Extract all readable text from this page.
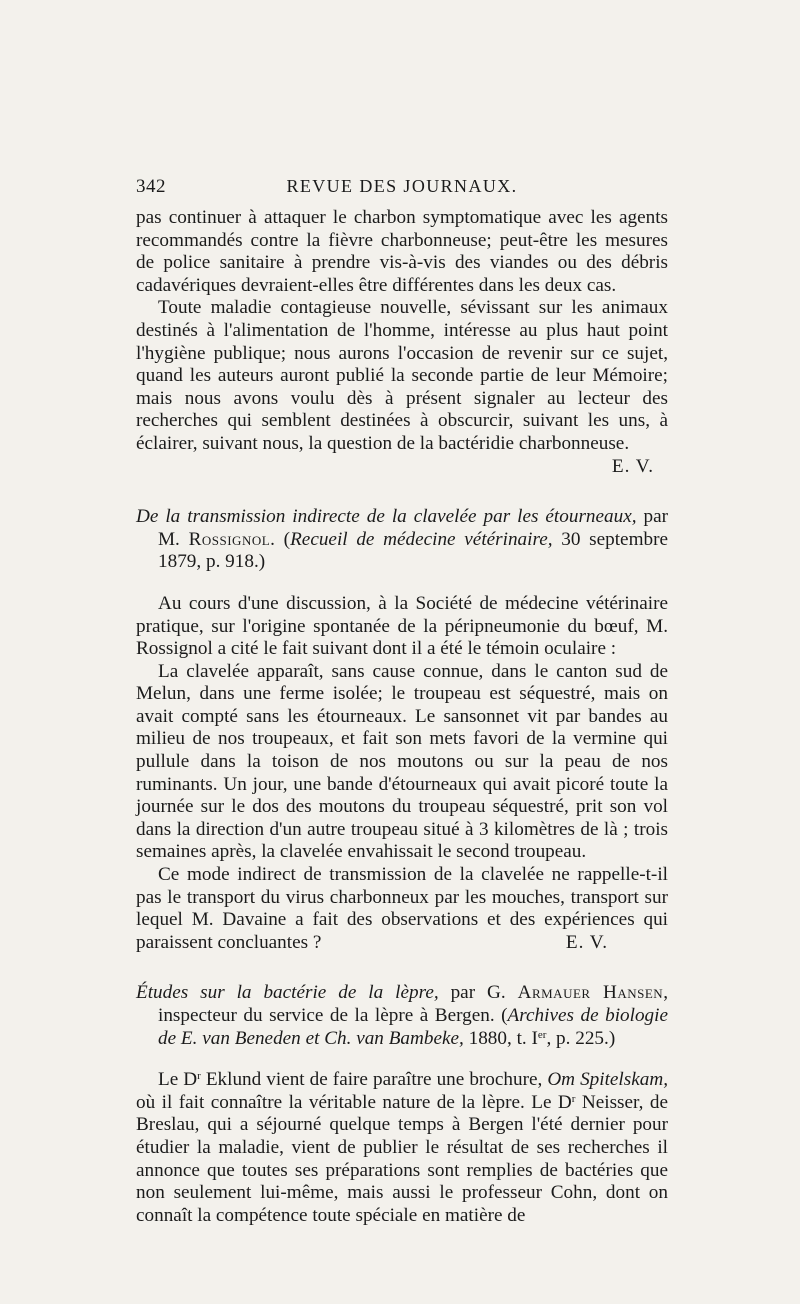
342	REVUE DES JOURNAUX.

pas continuer à attaquer le charbon symptomatique avec les agents recommandés contre la fièvre charbonneuse; peut-être les mesures de police sanitaire à prendre vis-à-vis des viandes ou des débris cadavériques devraient-elles être différentes dans les deux cas.

Toute maladie contagieuse nouvelle, sévissant sur les animaux destinés à l'alimentation de l'homme, intéresse au plus haut point l'hygiène publique; nous aurons l'occasion de revenir sur ce sujet, quand les auteurs auront publié la seconde partie de leur Mémoire; mais nous avons voulu dès à présent signaler au lecteur des recherches qui semblent destinées à obscurcir, suivant les uns, à éclairer, suivant nous, la question de la bactéridie charbonneuse.

E. V.

De la transmission indirecte de la clavelée par les étourneaux, par M. Rossignol. (Recueil de médecine vétérinaire, 30 septembre 1879, p. 918.)

Au cours d'une discussion, à la Société de médecine vétérinaire pratique, sur l'origine spontanée de la péripneumonie du bœuf, M. Rossignol a cité le fait suivant dont il a été le témoin oculaire :

La clavelée apparaît, sans cause connue, dans le canton sud de Melun, dans une ferme isolée; le troupeau est séquestré, mais on avait compté sans les étourneaux. Le sansonnet vit par bandes au milieu de nos troupeaux, et fait son mets favori de la vermine qui pullule dans la toison de nos moutons ou sur la peau de nos ruminants. Un jour, une bande d'étourneaux qui avait picoré toute la journée sur le dos des moutons du troupeau séquestré, prit son vol dans la direction d'un autre troupeau situé à 3 kilomètres de là ; trois semaines après, la clavelée envahissait le second troupeau.

Ce mode indirect de transmission de la clavelée ne rappelle-t-il pas le transport du virus charbonneux par les mouches, transport sur lequel M. Davaine a fait des observations et des expériences qui paraissent concluantes ?	E. V.

Études sur la bactérie de la lèpre, par G. Armauer Hansen, inspecteur du service de la lèpre à Bergen. (Archives de biologie de E. van Beneden et Ch. van Bambeke, 1880, t. Ier, p. 225.)

Le $D^r$ Eklund vient de faire paraître une brochure, Om Spitelskam, où il fait connaître la véritable nature de la lèpre. Le $D^r$ Neisser, de Breslau, qui a séjourné quelque temps à Bergen l'été dernier pour étudier la maladie, vient de publier le résultat de ses recherches il annonce que toutes ses préparations sont remplies de bactéries que non seulement lui-même, mais aussi le professeur Cohn, dont on connaît la compétence toute spéciale en matière de
